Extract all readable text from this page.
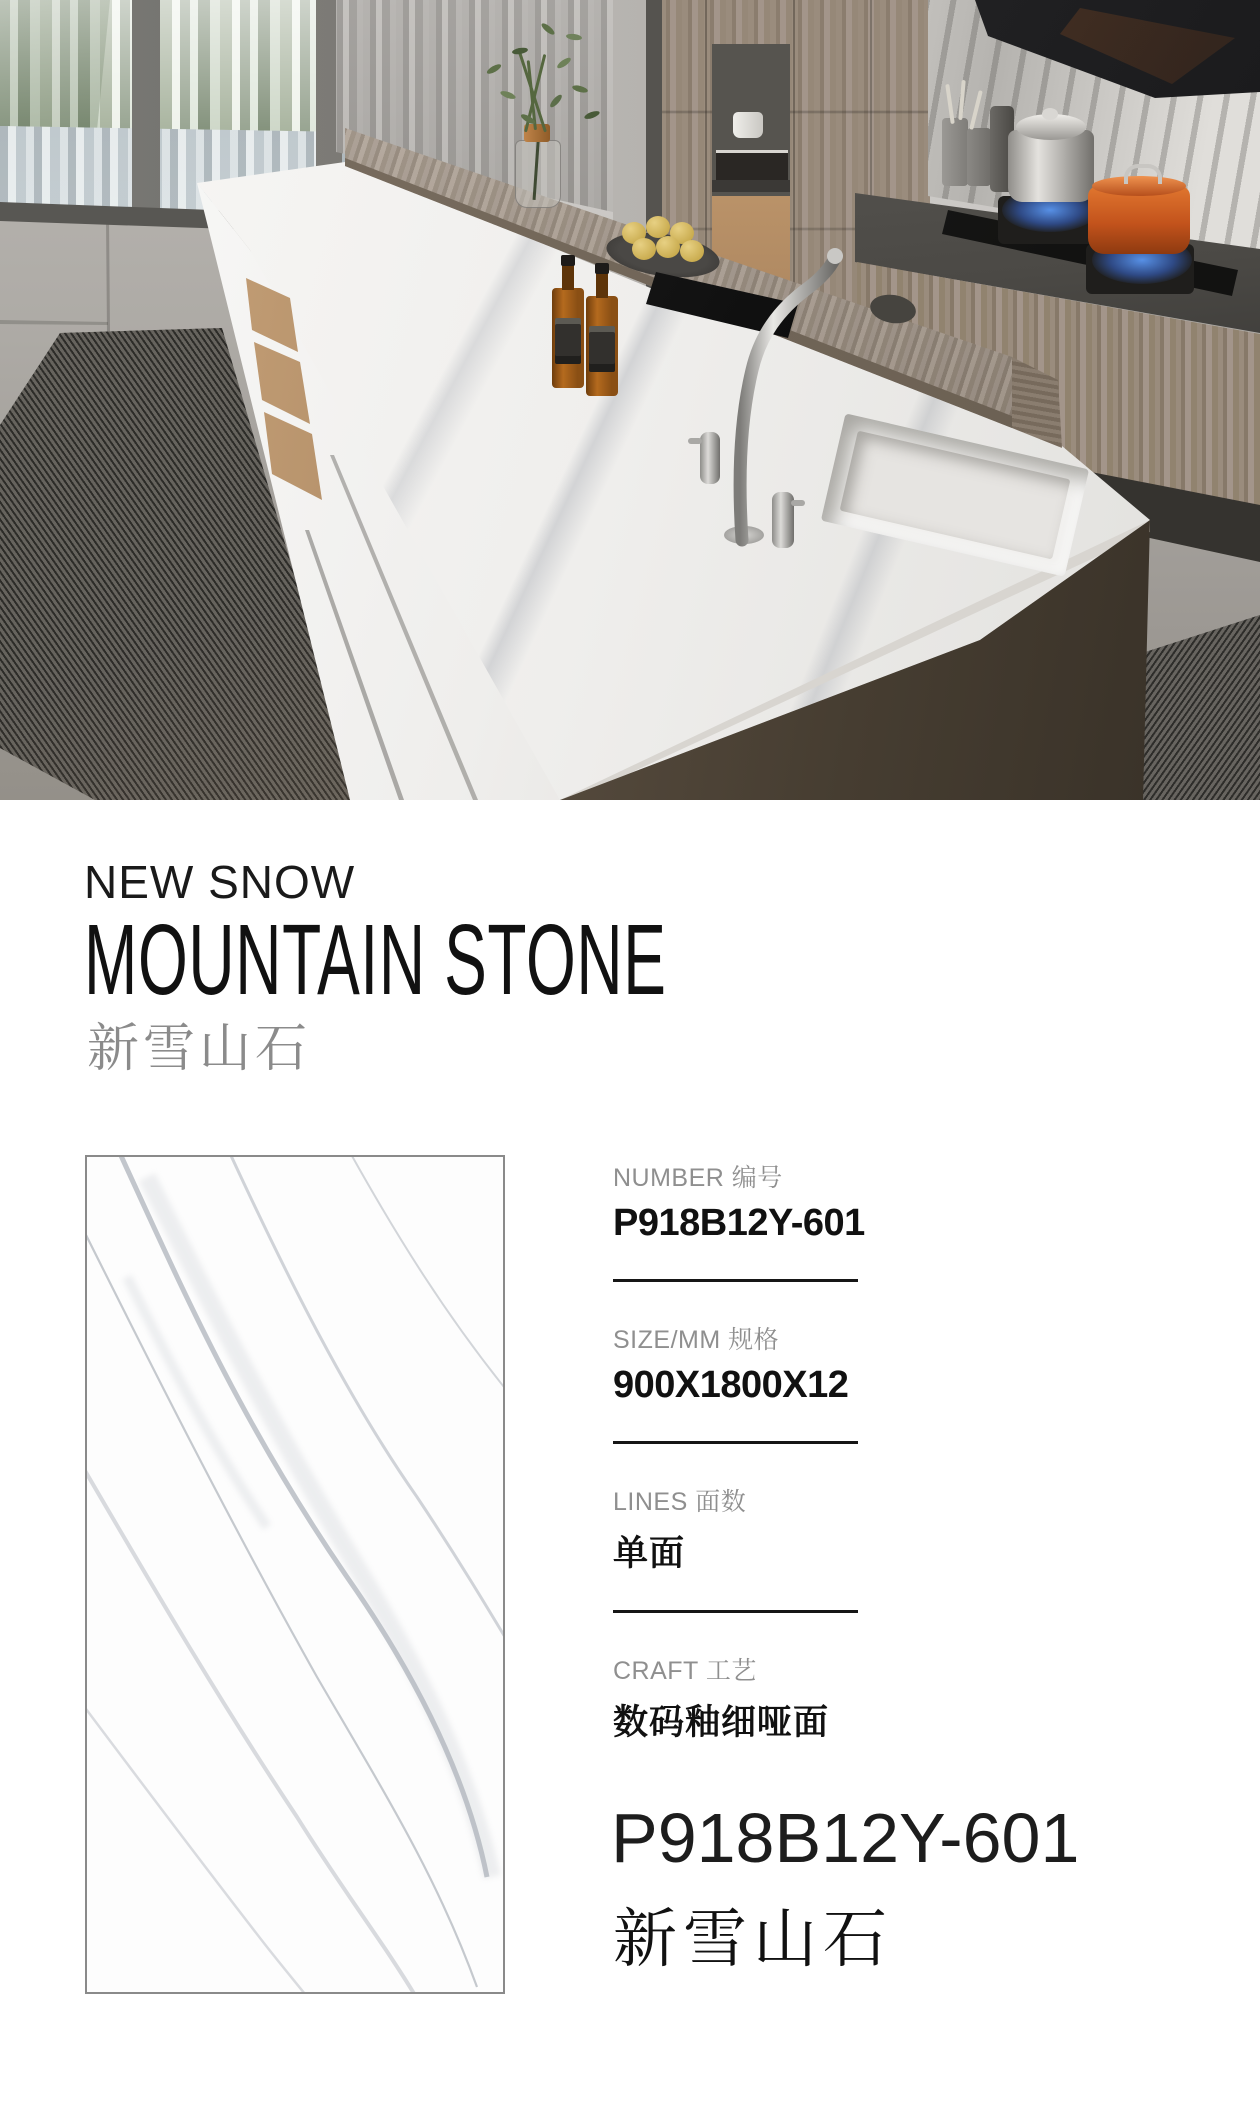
NEW SNOW
MOUNTAIN STONE
新雪山石

NUMBER 编号

P918B12Y-601

SIZE/MM 规格

900X1800X12

LINES 面数

单面

CRAFT 工艺

数码釉细哑面

P918B12Y-601
新雪山石
